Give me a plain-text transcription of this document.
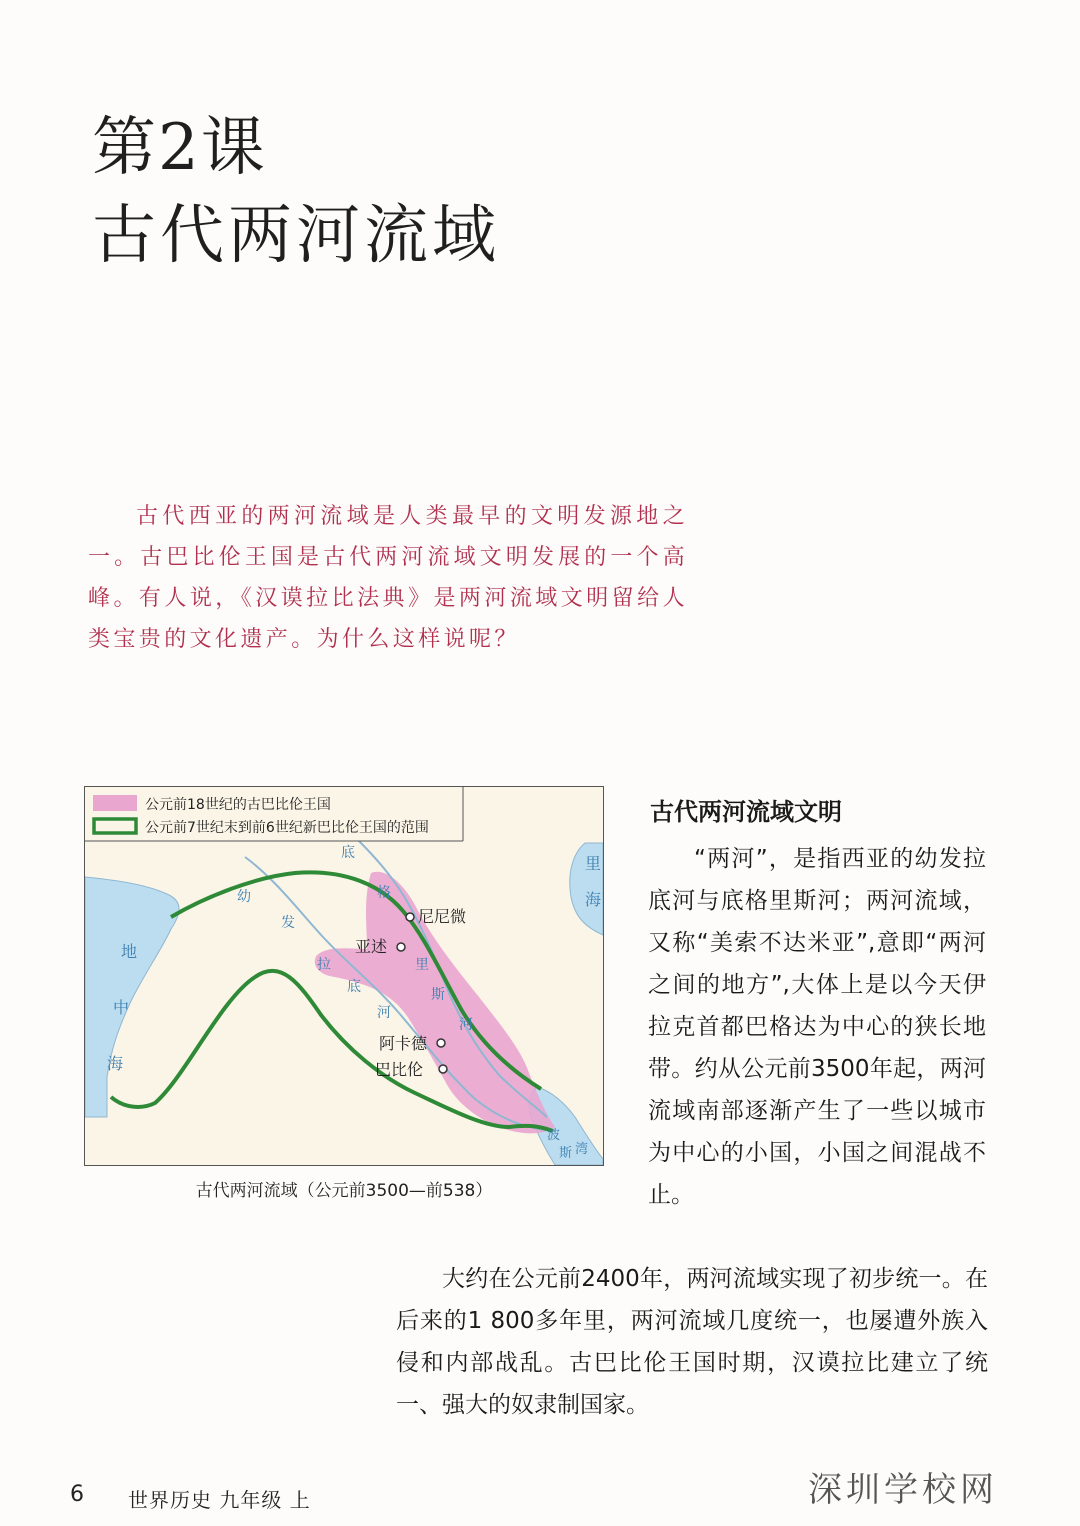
第2课
古代两河流域
古代西亚的两河流域是人类最早的文明发源地之一。古巴比伦王国是古代两河流域文明发展的一个高峰。有人说，《汉谟拉比法典》是两河流域文明留给人类宝贵的文化遗产。为什么这样说呢？
尼尼微
亚述
阿卡德
巴比伦
地
中
海
里
海
波
斯 湾
幼
发
拉
底
河
底
格
里
斯
河
公元前18世纪的古巴比伦王国
公元前7世纪末到前6世纪新巴比伦王国的范围
古代两河流域（公元前3500—前538）
古代两河流域文明
“两河”，是指西亚的幼发拉底河与底格里斯河；两河流域，又称“美索不达米亚”,意即“两河之间的地方”,大体上是以今天伊拉克首都巴格达为中心的狭长地带。约从公元前3500年起，两河流域南部逐渐产生了一些以城市为中心的小国，小国之间混战不止。
大约在公元前2400年，两河流域实现了初步统一。在后来的1 800多年里，两河流域几度统一，也屡遭外族入侵和内部战乱。古巴比伦王国时期，汉谟拉比建立了统一、强大的奴隶制国家。
6 世界历史 九年级 上	深圳学校网
